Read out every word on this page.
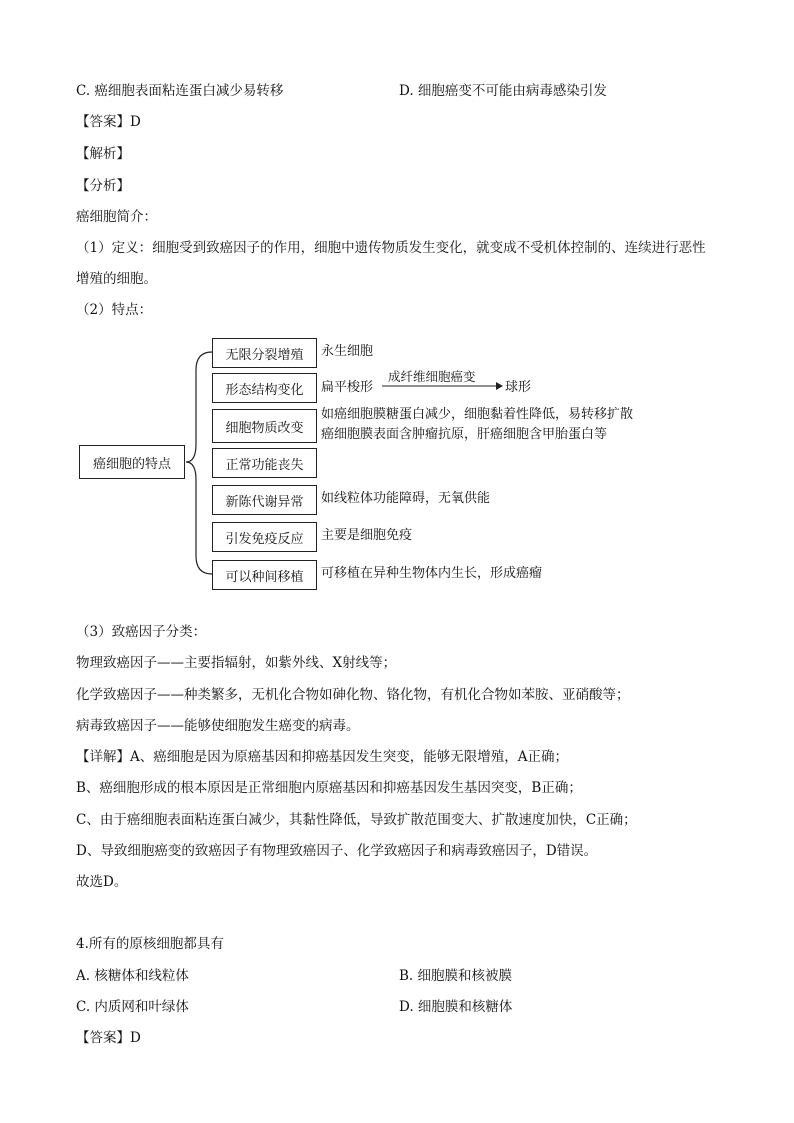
C. 癌细胞表面粘连蛋白减少易转移	D. 细胞癌变不可能由病毒感染引发
【答案】D
【解析】
【分析】
癌细胞简介：
（1）定义：细胞受到致癌因子的作用，细胞中遗传物质发生变化，就变成不受机体控制的、连续进行恶性
增殖的细胞。
（2）特点：
癌细胞的特点
无限分裂增殖
形态结构变化
细胞物质改变
正常功能丧失
新陈代谢异常
引发免疫反应
可以种间移植
永生细胞
扁平梭形
成纤维细胞癌变
球形
如癌细胞膜糖蛋白减少，细胞黏着性降低，易转移扩散
癌细胞膜表面含肿瘤抗原，肝癌细胞含甲胎蛋白等
如线粒体功能障碍，无氧供能
主要是细胞免疫
可移植在异种生物体内生长，形成癌瘤
（3）致癌因子分类：
物理致癌因子——主要指辐射，如紫外线、X射线等；
化学致癌因子——种类繁多，无机化合物如砷化物、铬化物，有机化合物如苯胺、亚硝酸等；
病毒致癌因子——能够使细胞发生癌变的病毒。
【详解】A、癌细胞是因为原癌基因和抑癌基因发生突变，能够无限增殖，A正确；
B、癌细胞形成的根本原因是正常细胞内原癌基因和抑癌基因发生基因突变，B正确；
C、由于癌细胞表面粘连蛋白减少，其黏性降低，导致扩散范围变大、扩散速度加快，C正确；
D、导致细胞癌变的致癌因子有物理致癌因子、化学致癌因子和病毒致癌因子，D错误。
故选D。
4.所有的原核细胞都具有
A. 核糖体和线粒体	B. 细胞膜和核被膜
C. 内质网和叶绿体	D. 细胞膜和核糖体
【答案】D
